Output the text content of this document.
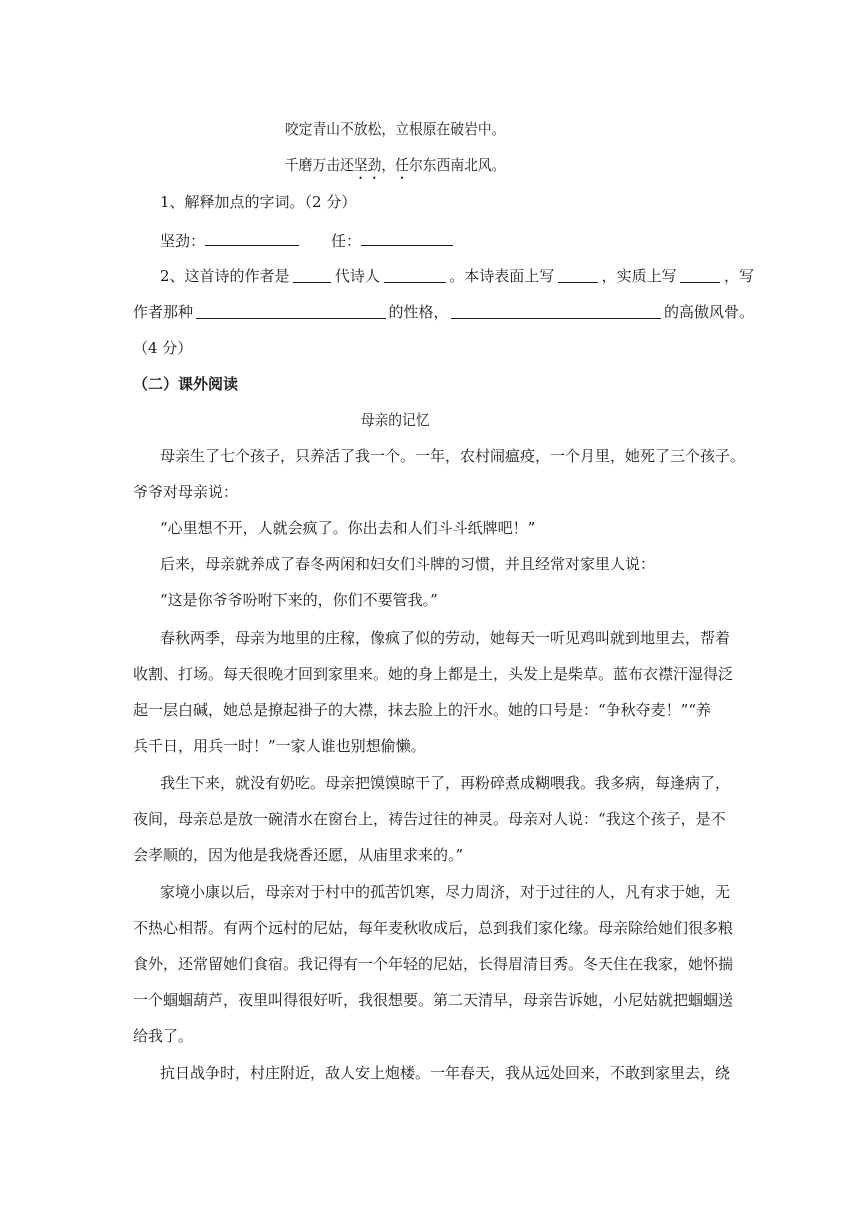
咬定青山不放松，立根原在破岩中。
千磨万击还坚劲，任尔东西南北风。
1、解释加点的字词。（2 分）
坚劲：	任：
2、这首诗的作者是	代诗人	。本诗表面上写	，实质上写	，写
作者那种	的性格，	的高傲风骨。
（4 分）
（二）课外阅读
母亲的记忆
母亲生了七个孩子，只养活了我一个。一年，农村闹瘟疫，一个月里，她死了三个孩子。
爷爷对母亲说：
“心里想不开，人就会疯了。你出去和人们斗斗纸牌吧！”
后来，母亲就养成了春冬两闲和妇女们斗牌的习惯，并且经常对家里人说：
“这是你爷爷吩咐下来的，你们不要管我。”
春秋两季，母亲为地里的庄稼，像疯了似的劳动，她每天一听见鸡叫就到地里去，帮着
收割、打场。每天很晚才回到家里来。她的身上都是土，头发上是柴草。蓝布衣襟汗湿得泛
起一层白碱，她总是撩起褂子的大襟，抹去脸上的汗水。她的口号是：“争秋夺麦！”“养
兵千日，用兵一时！”一家人谁也别想偷懒。
我生下来，就没有奶吃。母亲把馍馍晾干了，再粉碎煮成糊喂我。我多病，每逢病了，
夜间，母亲总是放一碗清水在窗台上，祷告过往的神灵。母亲对人说：“我这个孩子，是不
会孝顺的，因为他是我烧香还愿，从庙里求来的。”
家境小康以后，母亲对于村中的孤苦饥寒，尽力周济，对于过往的人，凡有求于她，无
不热心相帮。有两个远村的尼姑，每年麦秋收成后，总到我们家化缘。母亲除给她们很多粮
食外，还常留她们食宿。我记得有一个年轻的尼姑，长得眉清目秀。冬天住在我家，她怀揣
一个蝈蝈葫芦，夜里叫得很好听，我很想要。第二天清早，母亲告诉她，小尼姑就把蝈蝈送
给我了。
抗日战争时，村庄附近，敌人安上炮楼。一年春天，我从远处回来，不敢到家里去，绕
